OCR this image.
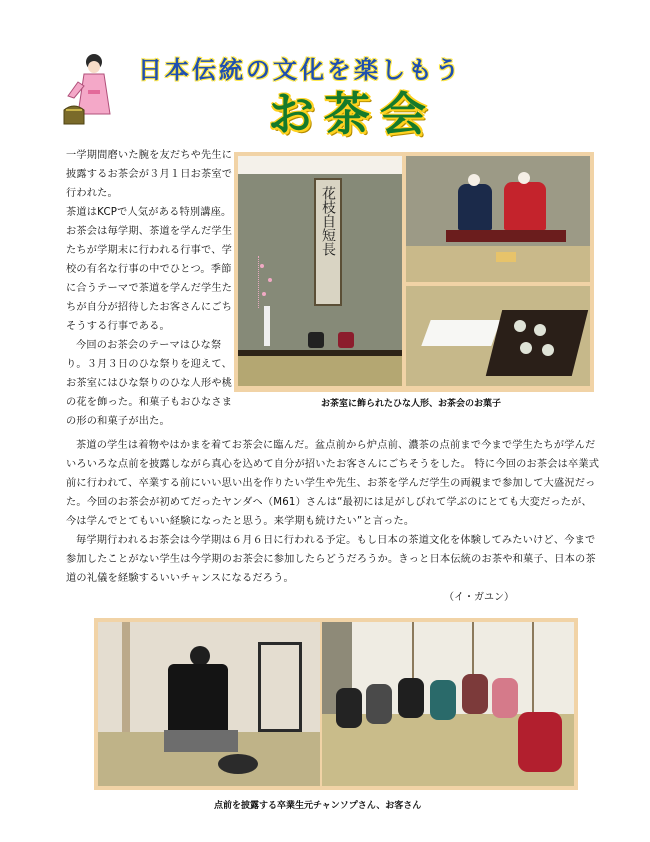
日本伝統の文化を楽しもう
お茶会

一学期間磨いた腕を友だちや先生に披露するお茶会が３月１日お茶室で行われた。

茶道はKCPで人気がある特別講座。お茶会は毎学期、茶道を学んだ学生たちが学期末に行われる行事で、学校の有名な行事の中でひとつ。季節に合うテーマで茶道を学んだ学生たちが自分が招待したお客さんにごちそうする行事である。

今回のお茶会のテーマはひな祭り。３月３日のひな祭りを迎えて、お茶室にはひな祭りのひな人形や桃の花を飾った。和菓子もおひなさまの形の和菓子が出た。

花枝自短長
お茶室に飾られたひな人形、お茶会のお菓子

茶道の学生は着物やはかまを着てお茶会に臨んだ。盆点前から炉点前、濃茶の点前まで今まで学生たちが学んだいろいろな点前を披露しながら真心を込めて自分が招いたお客さんにごちそうをした。 特に今回のお茶会は卒業式前に行われて、卒業する前にいい思い出を作りたい学生や先生、お茶を学んだ学生の両親まで参加して大盛況だった。今回のお茶会が初めてだったヤンダヘ（M61）さんは“最初には足がしびれて学ぶのにとても大変だったが、今は学んでとてもいい経験になったと思う。来学期も続けたい”と言った。

毎学期行われるお茶会は今学期は６月６日に行われる予定。もし日本の茶道文化を体験してみたいけど、今まで参加したことがない学生は今学期のお茶会に参加したらどうだろうか。きっと日本伝統のお茶や和菓子、日本の茶道の礼儀を経験するいいチャンスになるだろう。

（イ・ガユン）
点前を披露する卒業生元チャンソプさん、お客さん
